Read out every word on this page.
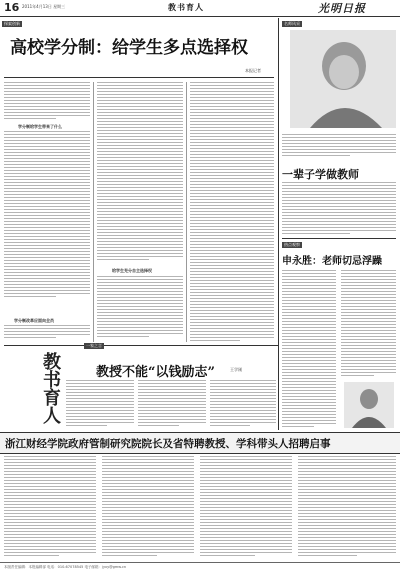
16 2011年4月13日 星期三	教书育人	光明日报
探索创新
高校学分制：给学生多点选择权
本报记者
学分制给学生带来了什么
学分制改革应面向全员
给学生充分自主选择权
名师风采
一辈子学做教师
热点观察
申永胜：老师切忌浮躁
一家之言
教书育人	教授不能“以钱励志”	王学刚
浙江财经学院政府管制研究院院长及省特聘教授、学科带头人招聘启事
本版责任编辑：本报编辑部 电话：010-67078545 电子邮箱：jyxy@gmw.cn
